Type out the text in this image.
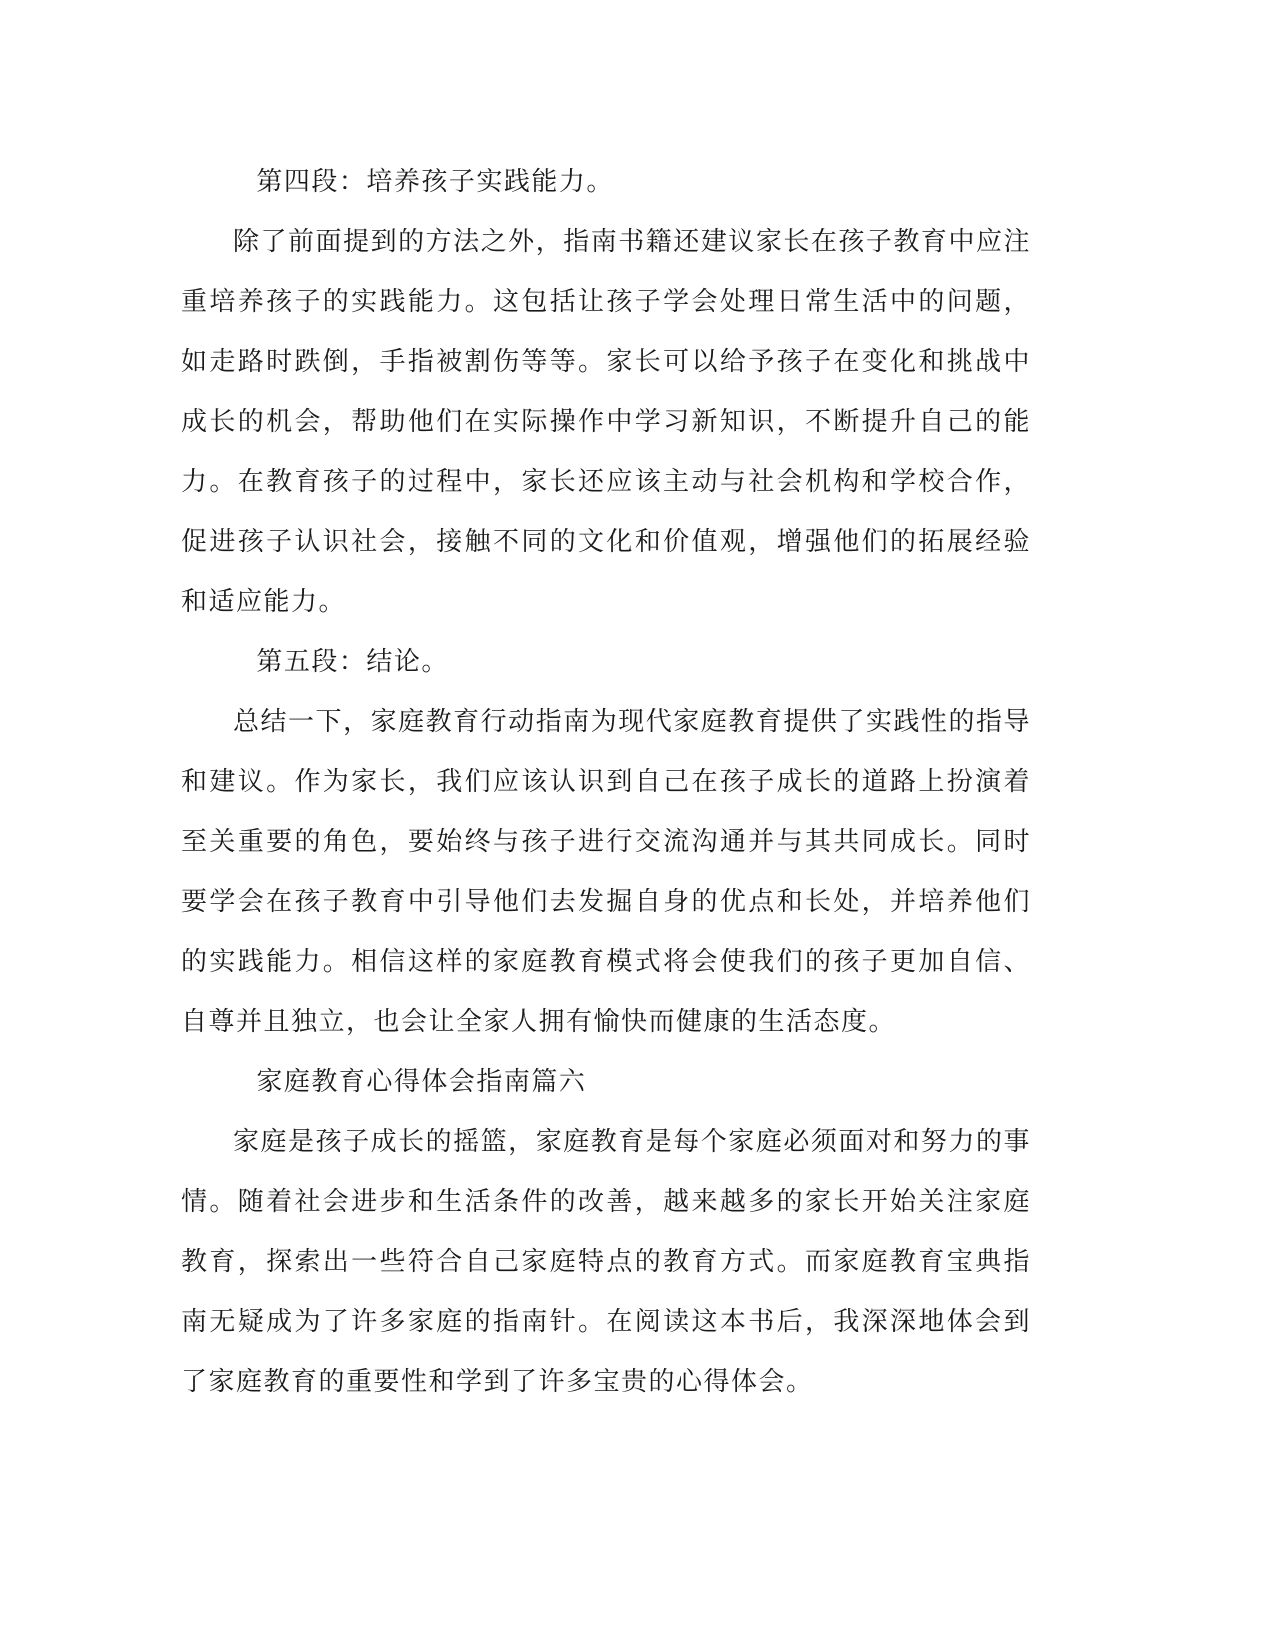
第四段：培养孩子实践能力。

除了前面提到的方法之外，指南书籍还建议家长在孩子教育中应注重培养孩子的实践能力。这包括让孩子学会处理日常生活中的问题，如走路时跌倒，手指被割伤等等。家长可以给予孩子在变化和挑战中成长的机会，帮助他们在实际操作中学习新知识，不断提升自己的能力。在教育孩子的过程中，家长还应该主动与社会机构和学校合作，促进孩子认识社会，接触不同的文化和价值观，增强他们的拓展经验和适应能力。

第五段：结论。

总结一下，家庭教育行动指南为现代家庭教育提供了实践性的指导和建议。作为家长，我们应该认识到自己在孩子成长的道路上扮演着至关重要的角色，要始终与孩子进行交流沟通并与其共同成长。同时要学会在孩子教育中引导他们去发掘自身的优点和长处，并培养他们的实践能力。相信这样的家庭教育模式将会使我们的孩子更加自信、自尊并且独立，也会让全家人拥有愉快而健康的生活态度。

家庭教育心得体会指南篇六

家庭是孩子成长的摇篮，家庭教育是每个家庭必须面对和努力的事情。随着社会进步和生活条件的改善，越来越多的家长开始关注家庭教育，探索出一些符合自己家庭特点的教育方式。而家庭教育宝典指南无疑成为了许多家庭的指南针。在阅读这本书后，我深深地体会到了家庭教育的重要性和学到了许多宝贵的心得体会。
